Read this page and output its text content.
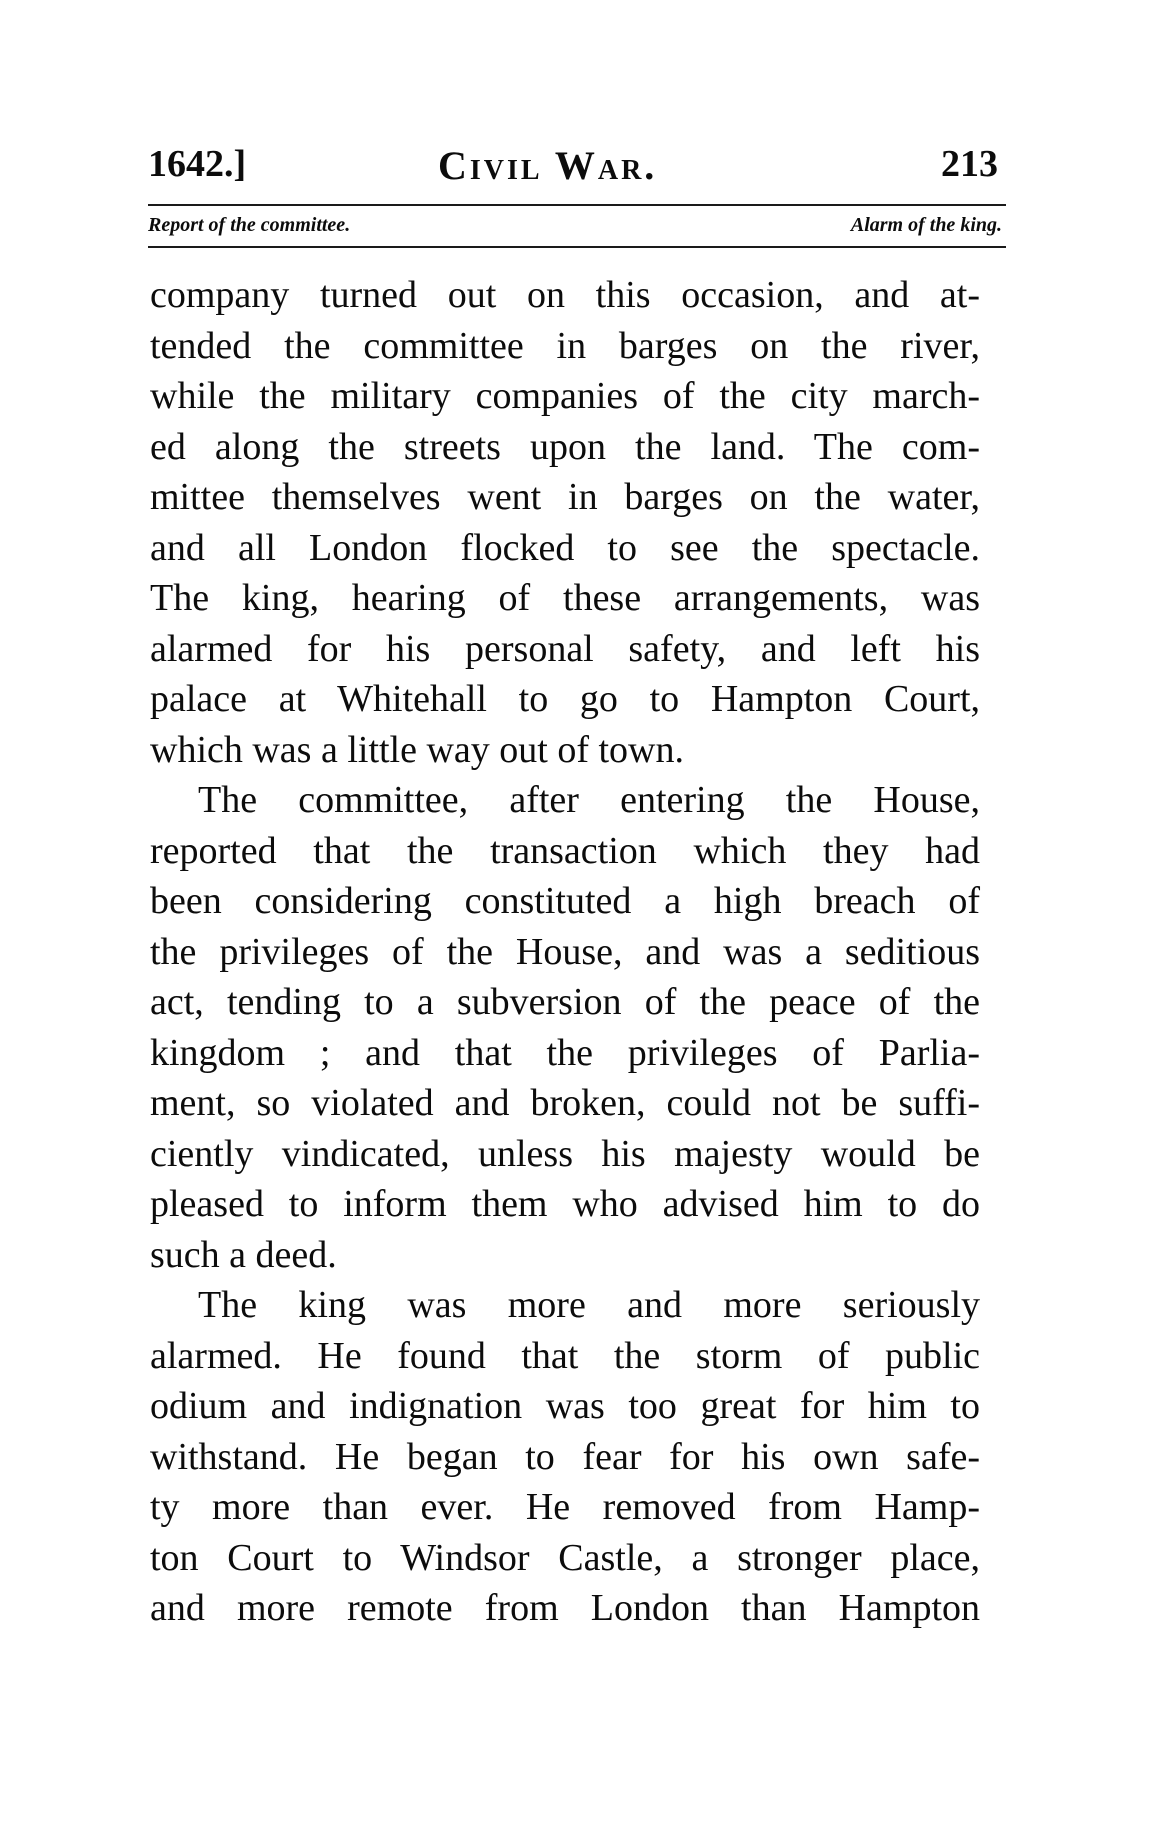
1642.]	Civil War.	213
Report of the committee.	Alarm of the king.
company turned out on this occasion, and at-
tended the committee in barges on the river,
while the military companies of the city march-
ed along the streets upon the land. The com-
mittee themselves went in barges on the water,
and all London flocked to see the spectacle.
The king, hearing of these arrangements, was
alarmed for his personal safety, and left his
palace at Whitehall to go to Hampton Court,
which was a little way out of town.
The committee, after entering the House,
reported that the transaction which they had
been considering constituted a high breach of
the privileges of the House, and was a seditious
act, tending to a subversion of the peace of the
kingdom ; and that the privileges of Parlia-
ment, so violated and broken, could not be suffi-
ciently vindicated, unless his majesty would be
pleased to inform them who advised him to do
such a deed.
The king was more and more seriously
alarmed. He found that the storm of public
odium and indignation was too great for him to
withstand. He began to fear for his own safe-
ty more than ever. He removed from Hamp-
ton Court to Windsor Castle, a stronger place,
and more remote from London than Hampton
